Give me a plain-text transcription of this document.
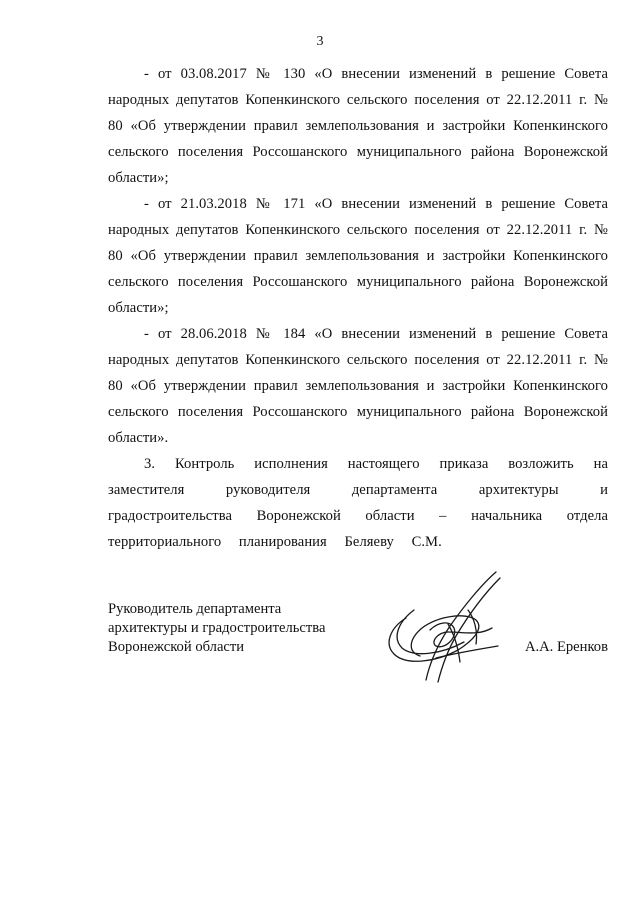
3

- от 03.08.2017 № 130 «О внесении изменений в решение Совета народных депутатов Копенкинского сельского поселения от 22.12.2011 г. № 80 «Об утверждении правил землепользования и застройки Копенкинского сельского поселения Россошанского муниципального района Воронежской области»;

- от 21.03.2018 № 171 «О внесении изменений в решение Совета народных депутатов Копенкинского сельского поселения от 22.12.2011 г. № 80 «Об утверждении правил землепользования и застройки Копенкинского сельского поселения Россошанского муниципального района Воронежской области»;

- от 28.06.2018 № 184 «О внесении изменений в решение Совета народных депутатов Копенкинского сельского поселения от 22.12.2011 г. № 80 «Об утверждении правил землепользования и застройки Копенкинского сельского поселения Россошанского муниципального района Воронежской области».

3. Контроль исполнения настоящего приказа возложить на заместителя руководителя департамента архитектуры и градостроительства Воронежской области – начальника отдела территориального планирования Беляеву С.М.

Руководитель департамента
архитектуры и градостроительства
Воронежской области	А.А. Еренков
